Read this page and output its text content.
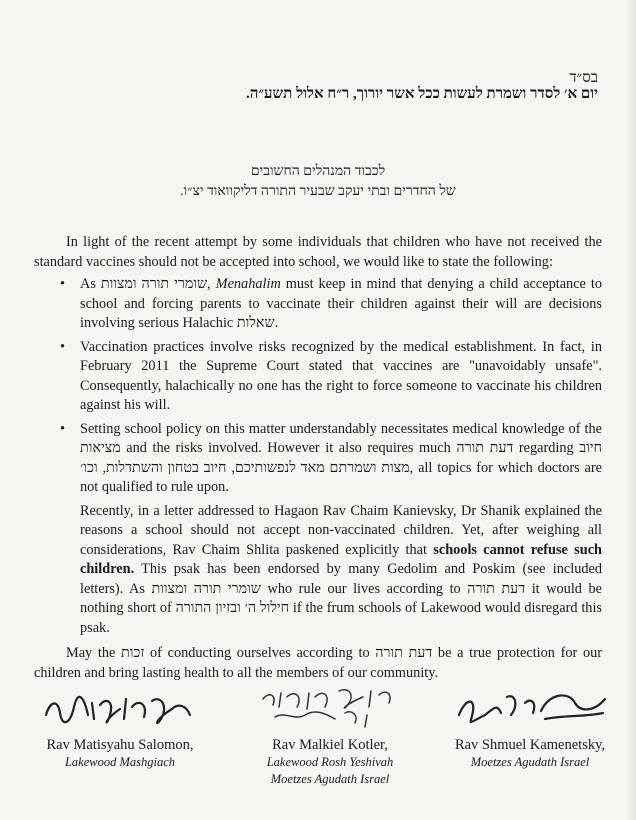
בס״ד
יום א׳ לסדר ושמרת לעשות ככל אשר יורוך, ר״ח אלול תשע״ה.
לכבוד המנהלים החשובים
של החדרים ובתי יעקב שבעיר התורה דליקוואוד יצ״ו.

In light of the recent attempt by some individuals that children who have not received the standard vaccines should not be accepted into school, we would like to state the following:

• As שומרי תורה ומצוות, Menahalim must keep in mind that denying a child acceptance to school and forcing parents to vaccinate their children against their will are decisions involving serious Halachic שאלות.
• Vaccination practices involve risks recognized by the medical establishment. In fact, in February 2011 the Supreme Court stated that vaccines are "unavoidably unsafe". Consequently, halachically no one has the right to force someone to vaccinate his children against his will.
• Setting school policy on this matter understandably necessitates medical knowledge of the מציאות and the risks involved. However it also requires much דעת תורה regarding חיוב מצות ושמרתם מאד לנפשותיכם, חיוב בטחון והשתדלות, וכו׳, all topics for which doctors are not qualified to rule upon.

Recently, in a letter addressed to Hagaon Rav Chaim Kanievsky, Dr Shanik explained the reasons a school should not accept non-vaccinated children. Yet, after weighing all considerations, Rav Chaim Shlita paskened explicitly that schools cannot refuse such children. This psak has been endorsed by many Gedolim and Poskim (see included letters). As שומרי תורה ומצוות who rule our lives according to דעת תורה it would be nothing short of חילול ה׳ ובזיון התורה if the frum schools of Lakewood would disregard this psak.

May the זכות of conducting ourselves according to דעת תורה be a true protection for our children and bring lasting health to all the members of our community.

Rav Matisyahu Salomon,
Lakewood Mashgiach
Rav Malkiel Kotler,
Lakewood Rosh Yeshivah
Moetzes Agudath Israel
Rav Shmuel Kamenetsky,
Moetzes Agudath Israel
